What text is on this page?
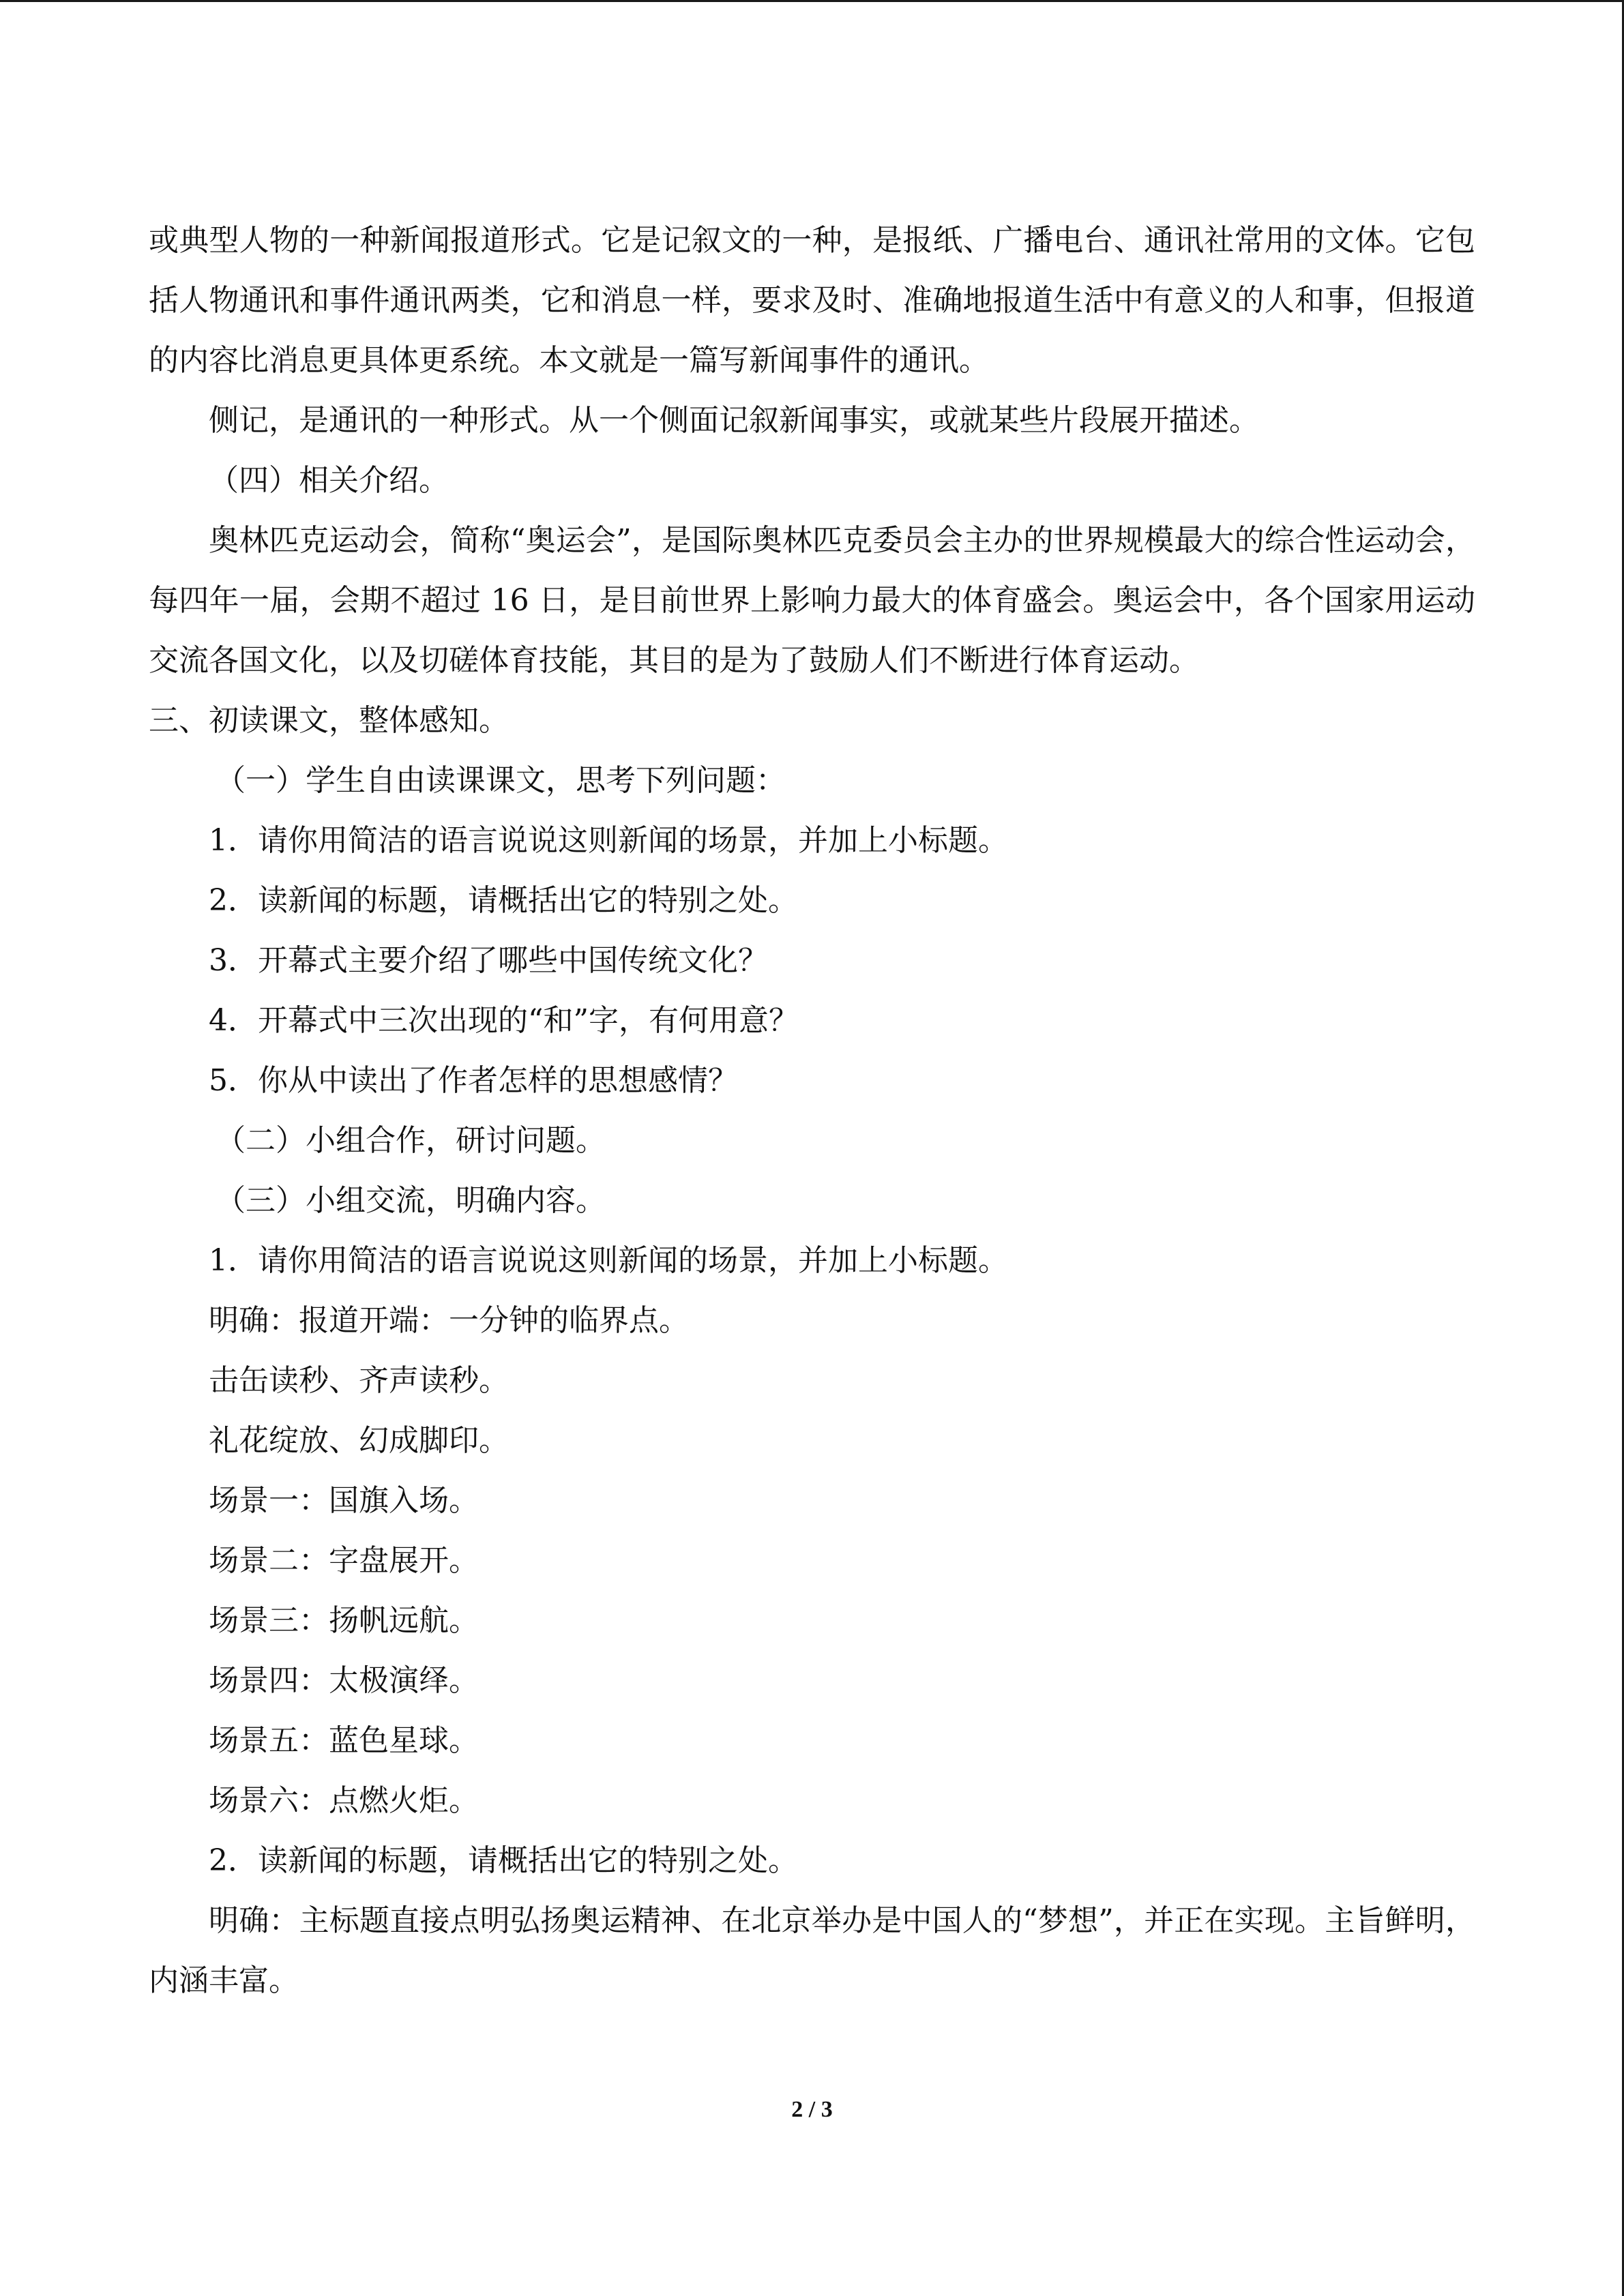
或典型人物的一种新闻报道形式。它是记叙文的一种，是报纸、广播电台、通讯社常用的文体。它包括人物通讯和事件通讯两类，它和消息一样，要求及时、准确地报道生活中有意义的人和事，但报道的内容比消息更具体更系统。本文就是一篇写新闻事件的通讯。

侧记，是通讯的一种形式。从一个侧面记叙新闻事实，或就某些片段展开描述。

（四）相关介绍。

奥林匹克运动会，简称“奥运会”，是国际奥林匹克委员会主办的世界规模最大的综合性运动会，每四年一届，会期不超过 16 日，是目前世界上影响力最大的体育盛会。奥运会中，各个国家用运动交流各国文化，以及切磋体育技能，其目的是为了鼓励人们不断进行体育运动。

三、初读课文，整体感知。

（一）学生自由读课课文，思考下列问题：

1．请你用简洁的语言说说这则新闻的场景，并加上小标题。

2．读新闻的标题，请概括出它的特别之处。

3．开幕式主要介绍了哪些中国传统文化？

4．开幕式中三次出现的“和”字，有何用意？

5．你从中读出了作者怎样的思想感情？

（二）小组合作，研讨问题。

（三）小组交流，明确内容。

1．请你用简洁的语言说说这则新闻的场景，并加上小标题。

明确：报道开端：一分钟的临界点。

击缶读秒、齐声读秒。

礼花绽放、幻成脚印。

场景一：国旗入场。

场景二：字盘展开。

场景三：扬帆远航。

场景四：太极演绎。

场景五：蓝色星球。

场景六：点燃火炬。

2．读新闻的标题，请概括出它的特别之处。

明确：主标题直接点明弘扬奥运精神、在北京举办是中国人的“梦想”，并正在实现。主旨鲜明，内涵丰富。

2 / 3
